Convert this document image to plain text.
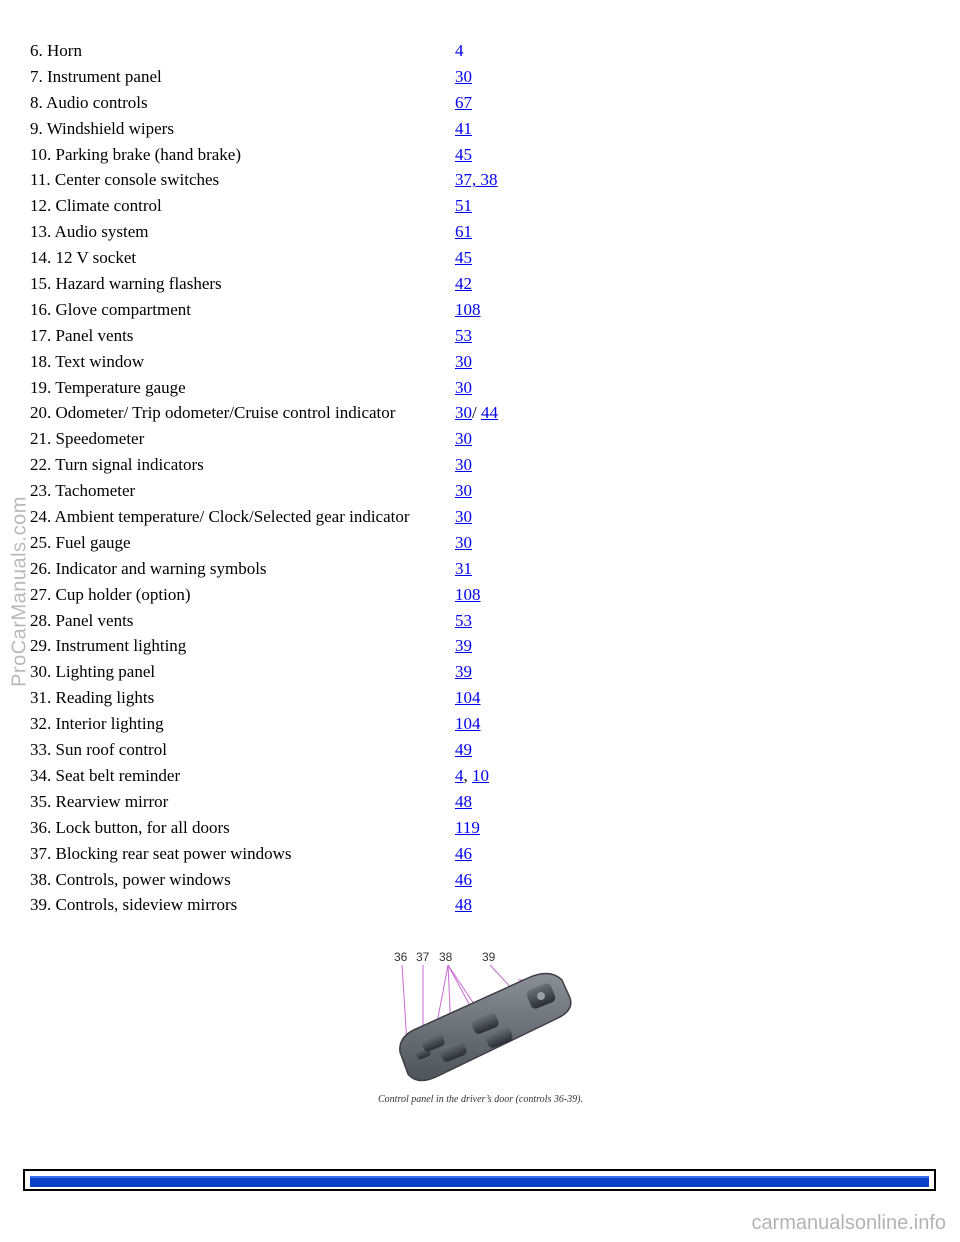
ProCarManuals.com
6. Horn	4
7. Instrument panel	30
8. Audio controls	67
9. Windshield wipers	41
10. Parking brake (hand brake)	45
11. Center console switches	37, 38
12. Climate control	51
13. Audio system	61
14. 12 V socket	45
15. Hazard warning flashers	42
16. Glove compartment	108
17. Panel vents	53
18. Text window	30
19. Temperature gauge	30
20. Odometer/ Trip odometer/Cruise control indicator	30/ 44
21. Speedometer	30
22. Turn signal indicators	30
23. Tachometer	30
24. Ambient temperature/ Clock/Selected gear indicator	30
25. Fuel gauge	30
26. Indicator and warning symbols	31
27. Cup holder (option)	108
28. Panel vents	53
29. Instrument lighting	39
30. Lighting panel	39
31. Reading lights	104
32. Interior lighting	104
33. Sun roof control	49
34. Seat belt reminder	4, 10
35. Rearview mirror	48
36. Lock button, for all doors	119
37. Blocking rear seat power windows	46
38. Controls, power windows	46
39. Controls, sideview mirrors	48
36 37 38 39
Control panel in the driver’s door (controls 36-39).
carmanualsonline.info
